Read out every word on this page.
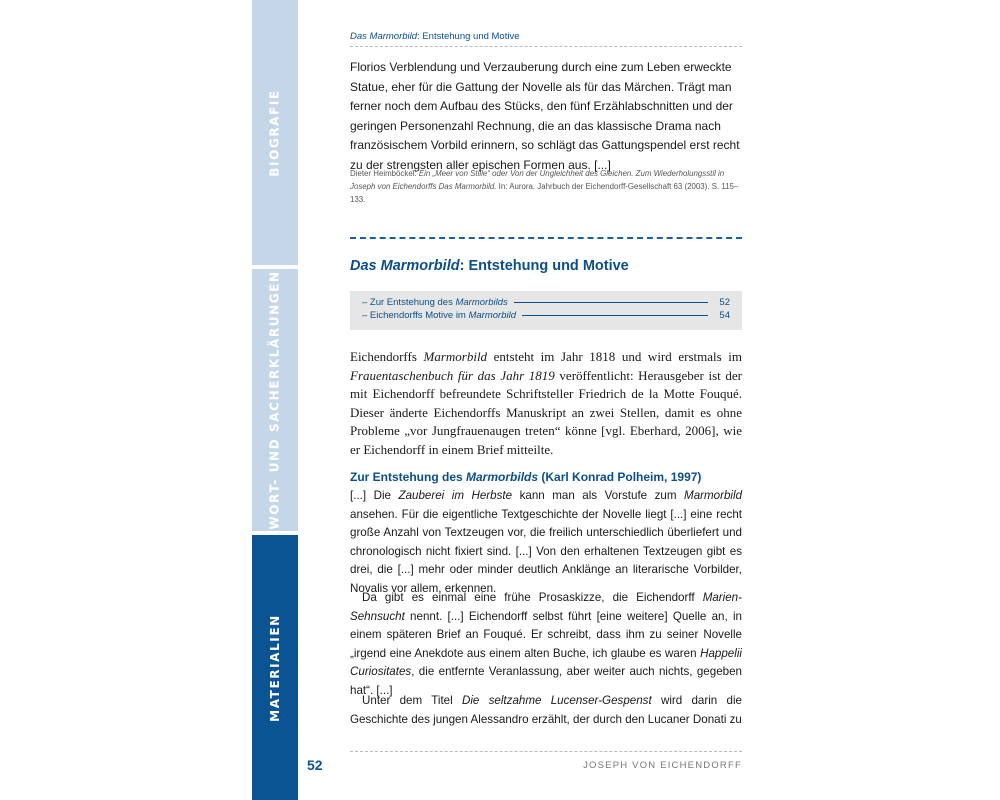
BIOGRAFIE
WORT- UND SACHERKLÄRUNGEN
MATERIALIEN
Das Marmorbild: Entstehung und Motive

Florios Verblendung und Verzauberung durch eine zum Leben erweckte Statue, eher für die Gattung der Novelle als für das Märchen. Trägt man ferner noch dem Aufbau des Stücks, den fünf Erzählabschnitten und der geringen Personenzahl Rechnung, die an das klassische Drama nach französischem Vorbild erinnern, so schlägt das Gattungspendel erst recht zu der strengsten aller epischen Formen aus. [...]

Dieter Heimböckel: Ein „Meer von Stille“ oder Von der Ungleichheit des Gleichen. Zum Wiederholungsstil in Joseph von Eichendorffs Das Marmorbild. In: Aurora. Jahrbuch der Eichendorff-Gesellschaft 63 (2003). S. 115–133.

Das Marmorbild: Entstehung und Motive
– Zur Entstehung des Marmorbilds	52
– Eichendorffs Motive im Marmorbild	54

Eichendorffs Marmorbild entsteht im Jahr 1818 und wird erstmals im Frauentaschenbuch für das Jahr 1819 veröffentlicht: Herausgeber ist der mit Eichendorff befreundete Schriftsteller Friedrich de la Motte Fouqué. Dieser änderte Eichendorffs Manuskript an zwei Stellen, damit es ohne Probleme „vor Jungfrauenaugen treten“ könne [vgl. Eberhard, 2006], wie er Eichendorff in einem Brief mitteilte.

Zur Entstehung des Marmorbilds (Karl Konrad Polheim, 1997)

[...] Die Zauberei im Herbste kann man als Vorstufe zum Marmorbild ansehen. Für die eigentliche Textgeschichte der Novelle liegt [...] eine recht große Anzahl von Textzeugen vor, die freilich unterschiedlich überliefert und chronologisch nicht fixiert sind. [...] Von den erhaltenen Textzeugen gibt es drei, die [...] mehr oder minder deutlich Anklänge an literarische Vorbilder, Novalis vor allem, erkennen.

Da gibt es einmal eine frühe Prosaskizze, die Eichendorff Marien-Sehnsucht nennt. [...] Eichendorff selbst führt [eine weitere] Quelle an, in einem späteren Brief an Fouqué. Er schreibt, dass ihm zu seiner Novelle „irgend eine Anekdote aus einem alten Buche, ich glaube es waren Happelii Curiositates, die entfernte Veranlassung, aber weiter auch nichts, gegeben hat“. [...]

Unter dem Titel Die seltzahme Lucenser-Gespenst wird darin die Geschichte des jungen Alessandro erzählt, der durch den Lucaner Donati zu

52	JOSEPH VON EICHENDORFF
